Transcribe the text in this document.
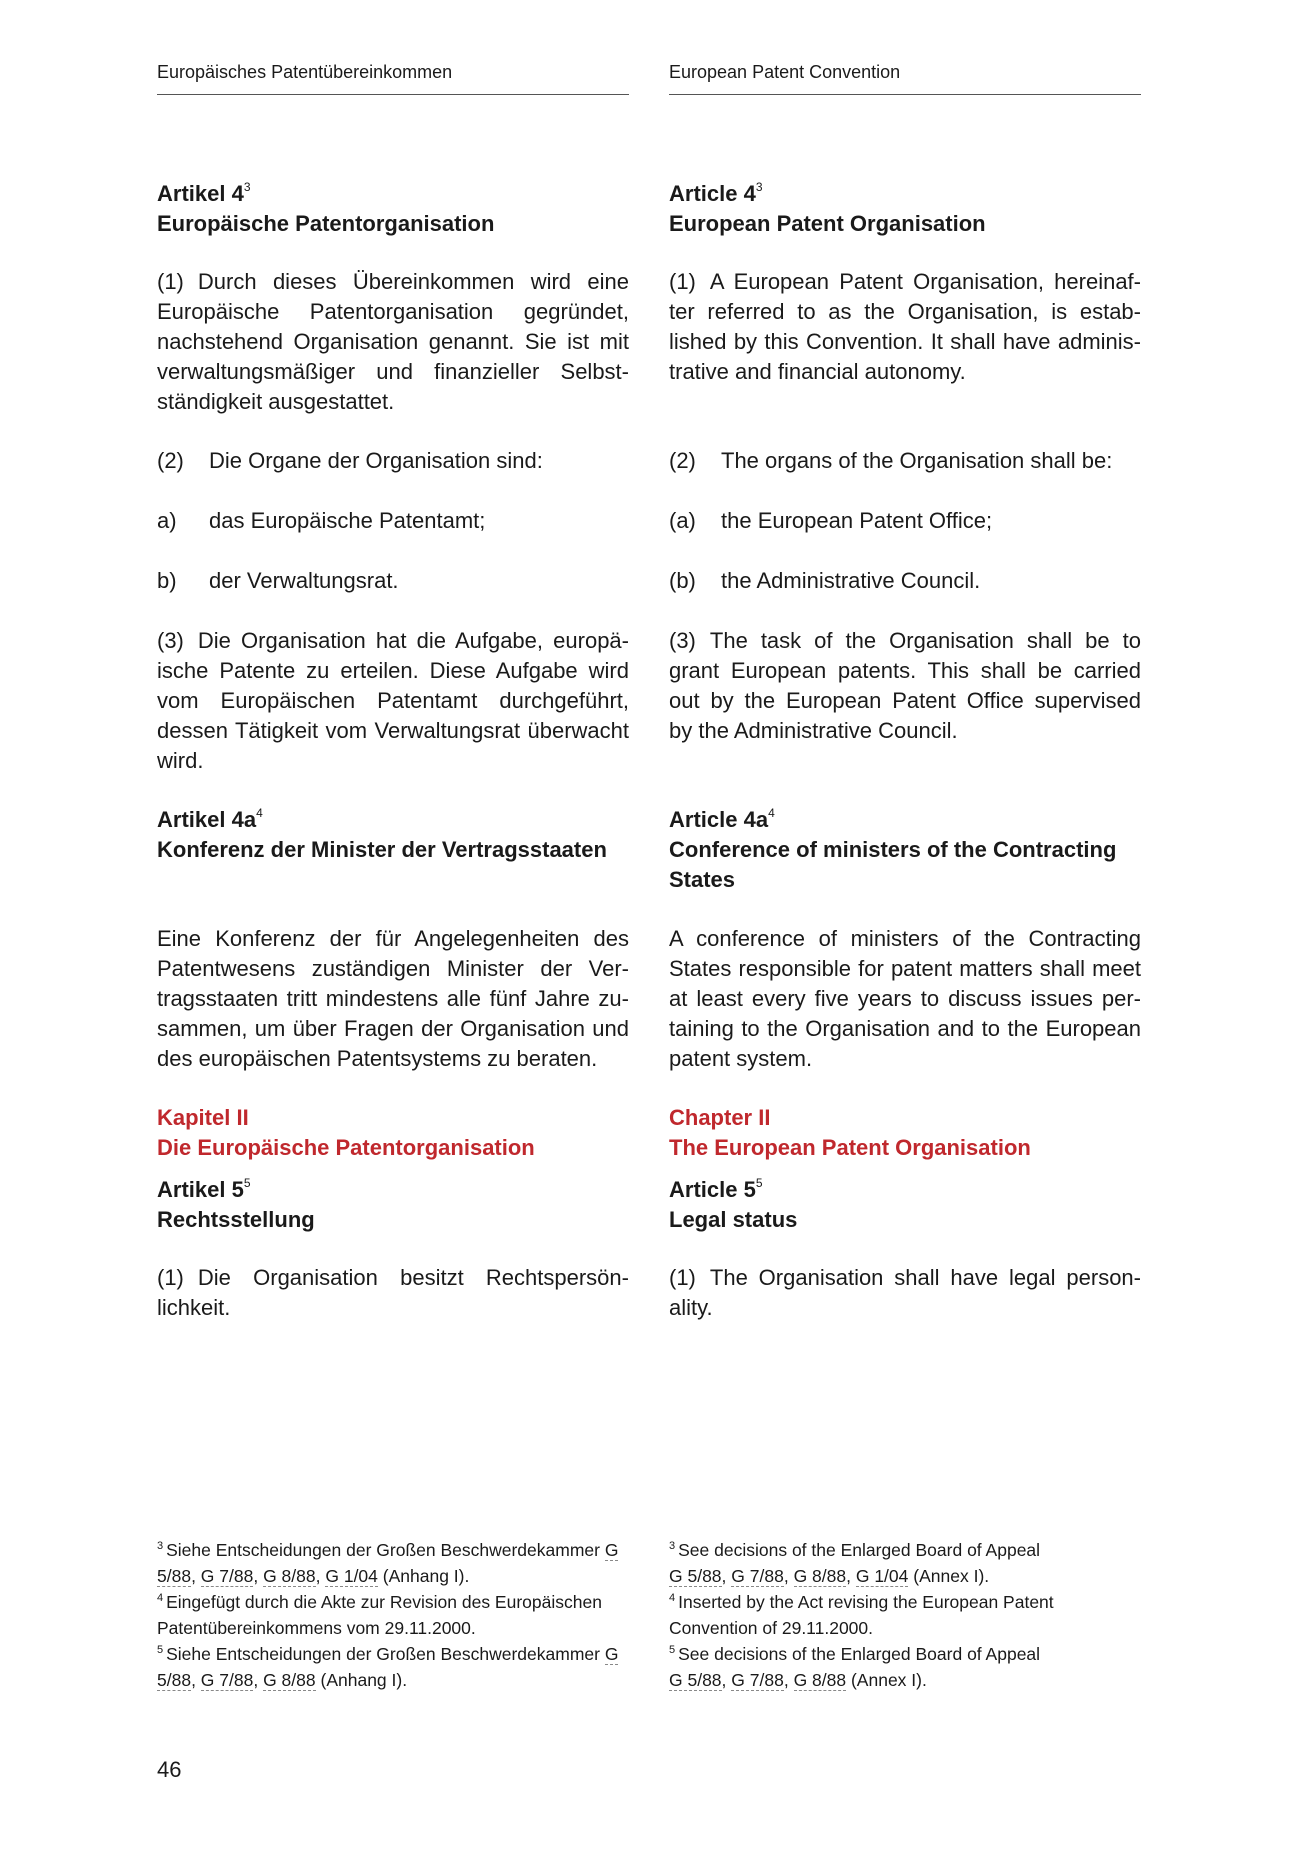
Europäisches Patentübereinkommen	European Patent Convention
Artikel $4^3$
Europäische Patentorganisation
(1) Durch dieses Übereinkommen wird eine Europäische Patentorganisation gegründet, nachstehend Organisation genannt. Sie ist mit verwaltungsmäßiger und finanzieller Selbstständigkeit ausgestattet.
(2)	Die Organe der Organisation sind:
a)	das Europäische Patentamt;
b)	der Verwaltungsrat.
(3) Die Organisation hat die Aufgabe, europäische Patente zu erteilen. Diese Aufgabe wird vom Europäischen Patentamt durchgeführt, dessen Tätigkeit vom Verwaltungsrat überwacht wird.
Artikel $4a^4$
Konferenz der Minister der Vertragsstaaten
Eine Konferenz der für Angelegenheiten des Patentwesens zuständigen Minister der Vertragsstaaten tritt mindestens alle fünf Jahre zusammen, um über Fragen der Organisation und des europäischen Patentsystems zu beraten.
Kapitel II
Die Europäische Patentorganisation
Artikel $5^5$
Rechtsstellung
(1) Die Organisation besitzt Rechtspersönlichkeit.
$^3$ Siehe Entscheidungen der Großen Beschwerdekammer G 5/88, G 7/88, G 8/88, G 1/04 (Anhang I).
$^4$ Eingefügt durch die Akte zur Revision des Europäischen Patentübereinkommens vom 29.11.2000.
$^5$ Siehe Entscheidungen der Großen Beschwerdekammer G 5/88, G 7/88, G 8/88 (Anhang I).
Article $4^3$
European Patent Organisation
(1) A European Patent Organisation, hereinafter referred to as the Organisation, is established by this Convention. It shall have administrative and financial autonomy.
(2)	The organs of the Organisation shall be:
(a)	the European Patent Office;
(b)	the Administrative Council.
(3) The task of the Organisation shall be to grant European patents. This shall be carried out by the European Patent Office supervised by the Administrative Council.
Article $4a^4$
Conference of ministers of the Contracting States
A conference of ministers of the Contracting States responsible for patent matters shall meet at least every five years to discuss issues pertaining to the Organisation and to the European patent system.
Chapter II
The European Patent Organisation
Article $5^5$
Legal status
(1) The Organisation shall have legal personality.
$^3$ See decisions of the Enlarged Board of Appeal
G 5/88, G 7/88, G 8/88, G 1/04 (Annex I).
$^4$ Inserted by the Act revising the European Patent Convention of 29.11.2000.
$^5$ See decisions of the Enlarged Board of Appeal
G 5/88, G 7/88, G 8/88 (Annex I).
46
